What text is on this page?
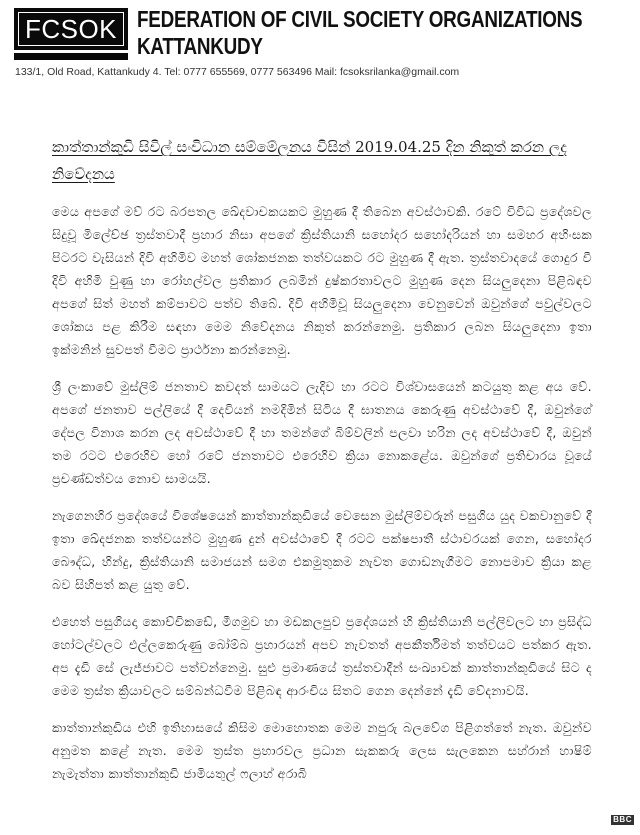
FCSOK FEDERATION OF CIVIL SOCIETY ORGANIZATIONS
KATTANKUDY
133/1, Old Road, Kattankudy 4. Tel: 0777 655569, 0777 563496 Mail: fcsoksrilanka@gmail.com
කාත්තාන්කුඩි සිවිල් සංවිධාන සම්මේලනය විසින් 2019.04.25 දින නිකුත් කරන ලද නිවේදනය

මෙය අපගේ මව් රට බරපතල ඛේදවාචකයකට මුහුණ දී තිබෙන අවස්ථාවකි. රටේ විවිධ ප්‍රදේශවල සිදුවූ මිලේච්ඡ ත්‍රස්තවාදී ප්‍රහාර නිසා අපගේ ක්‍රිස්තියානි සහෝදර සහෝදරියන් හා සමහර අහිංසක පිටරට වැසියන් දිවි අහිමිව මහත් ශෝකජනක තත්වයකට රට මුහුණ දී ඇත. ත්‍රස්තවාදයේ ගොදුර වී දිවි අහිමි වුණු හා රෝහල්වල ප්‍රතිකාර ලබමින් දුෂ්කරතාවලට මුහුණ දෙන සියලුදෙනා පිළිබඳව අපගේ සිත් මහත් කම්පාවට පත්ව තිබේ. දිවි අහිමිවූ සියලුදෙනා වෙනුවෙන් ඔවුන්ගේ පවුල්වලට ශෝකය පළ කිරීම සඳහා මෙම නිවේදනය නිකුත් කරන්නෙමු. ප්‍රතිකාර ලබන සියලුදෙනා ඉතා ඉක්මනින් සුවපත් වීමට ප්‍රාර්ථනා කරන්නෙමු.

ශ්‍රී ලංකාවේ මුස්ලිම් ජනතාව කවදත් සාමයට ලැදිව හා රටට විශ්වාසයෙන් කටයුතු කළ අය වේ. අපගේ ජනතාව පල්ලියේ දී දෙවියන් නමදිමින් සිටිය දී ඝාතනය කෙරුණු අවස්ථාවේ දී, ඔවුන්ගේ දේපල විනාශ කරන ලද අවස්ථාවේ දී හා තමන්ගේ බිම්වලින් පලවා හරින ලද අවස්ථාවේ දී, ඔවුන් තම රටට එරෙහිව හෝ රටේ ජනතාවට එරෙහිව ක්‍රියා නොකළේය. ඔවුන්ගේ ප්‍රතිචාරය වූයේ ප්‍රචණ්ඩත්වය නොව සාමයයි.

නැගෙනහිර ප්‍රදේශයේ විශේෂයෙන් කාත්තාන්කුඩියේ වෙසෙන මුස්ලිම්වරුන් පසුගිය යුද වකවානුවේ දී ඉතා ඛේදජනක තත්වයන්ට මුහුණ දුන් අවස්ථාවේ දී රටට පක්ෂපාතී ස්ථාවරයක් ගෙන, සහෝදර බෞද්ධ, හින්දු, ක්‍රිස්තියානි සමාජයන් සමග එකමුතුකම නැවත ගොඩනැගීමට නොපමාව ක්‍රියා කළ බව සිහිපත් කළ යුතු වේ.

එහෙත් පසුගියදා කොච්චිකඩේ, මීගමුව හා මඩකලපුව ප්‍රදේශයන් හි ක්‍රිස්තියානි පල්ලිවලට හා ප්‍රසිද්ධ හෝටල්වලට එල්ලකෙරුණු බෝම්බ ප්‍රහාරයන් අපව නැවතත් අපකීර්තිමත් තත්වයට පත්කර ඇත. අප දැඩි සේ ලැජ්ජාවට පත්වන්නෙමු. සුළු ප්‍රමාණයේ ත්‍රස්තවාදීන් සංඛ්‍යාවක් කාත්තාන්කුඩියේ සිට ද මෙම ත්‍රස්ත ක්‍රියාවලට සම්බන්ධවීම පිළිබඳ ආරංචිය සිතට ගෙන දෙන්නේ දැඩි වේදනාවයි.

කාත්තාන්කුඩිය එහි ඉතිහාසයේ කිසිම මොහොතක මෙම නපුරු බලවේග පිළිගත්තේ නැත. ඔවුන්ව අනුමත කළේ නැත. මෙම ත්‍රස්ත ප්‍රහාරවල ප්‍රධාන සැකකරු ලෙස සැලකෙන සහ්රාන් හාෂිම් නැමැත්තා කාත්තාන්කුඩි ජාමියතුල් ෆලාහ් අරාබි

BBC
